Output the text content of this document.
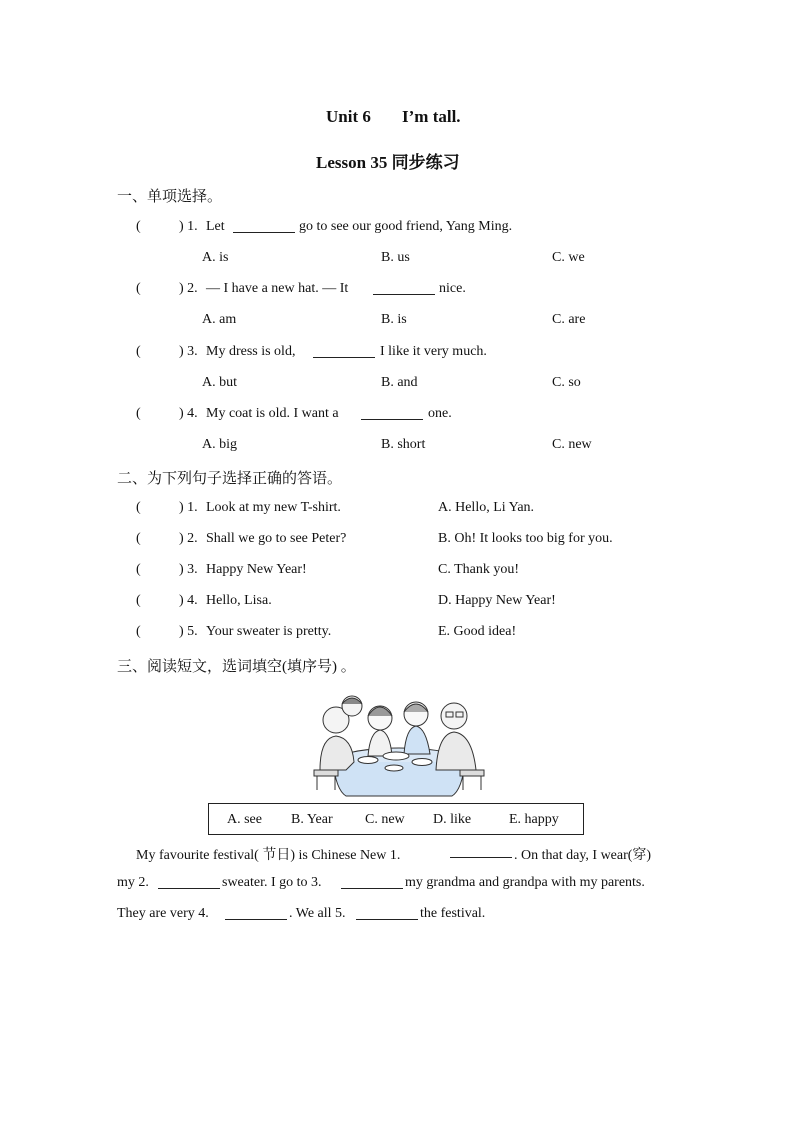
Unit 6 I’m tall.
Lesson 35 同步练习
一、单项选择。
(	) 1. Let	go to see our good friend, Yang Ming.
A. is	B. us	C. we
(	) 2. — I have a new hat. — It	nice.
A. am	B. is	C. are
(	) 3. My dress is old,	I like it very much.
A. but	B. and	C. so
(	) 4. My coat is old. I want a	one.
A. big	B. short	C. new
二、为下列句子选择正确的答语。
(	) 1. Look at my new T-shirt.	A. Hello, Li Yan.
(	) 2. Shall we go to see Peter?	B. Oh! It looks too big for you.
(	) 3. Happy New Year!	C. Thank you!
(	) 4. Hello, Lisa.	D. Happy New Year!
(	) 5. Your sweater is pretty.	E. Good idea!
三、阅读短文，选词填空(填序号) 。
A. see B. Year C. new D. like	E. happy
My favourite festival( 节日) is Chinese New 1.	. On that day, I wear(穿)
my 2.	sweater. I go to 3.	my grandma and grandpa with my parents.
They are very 4.	. We all 5.	the festival.
